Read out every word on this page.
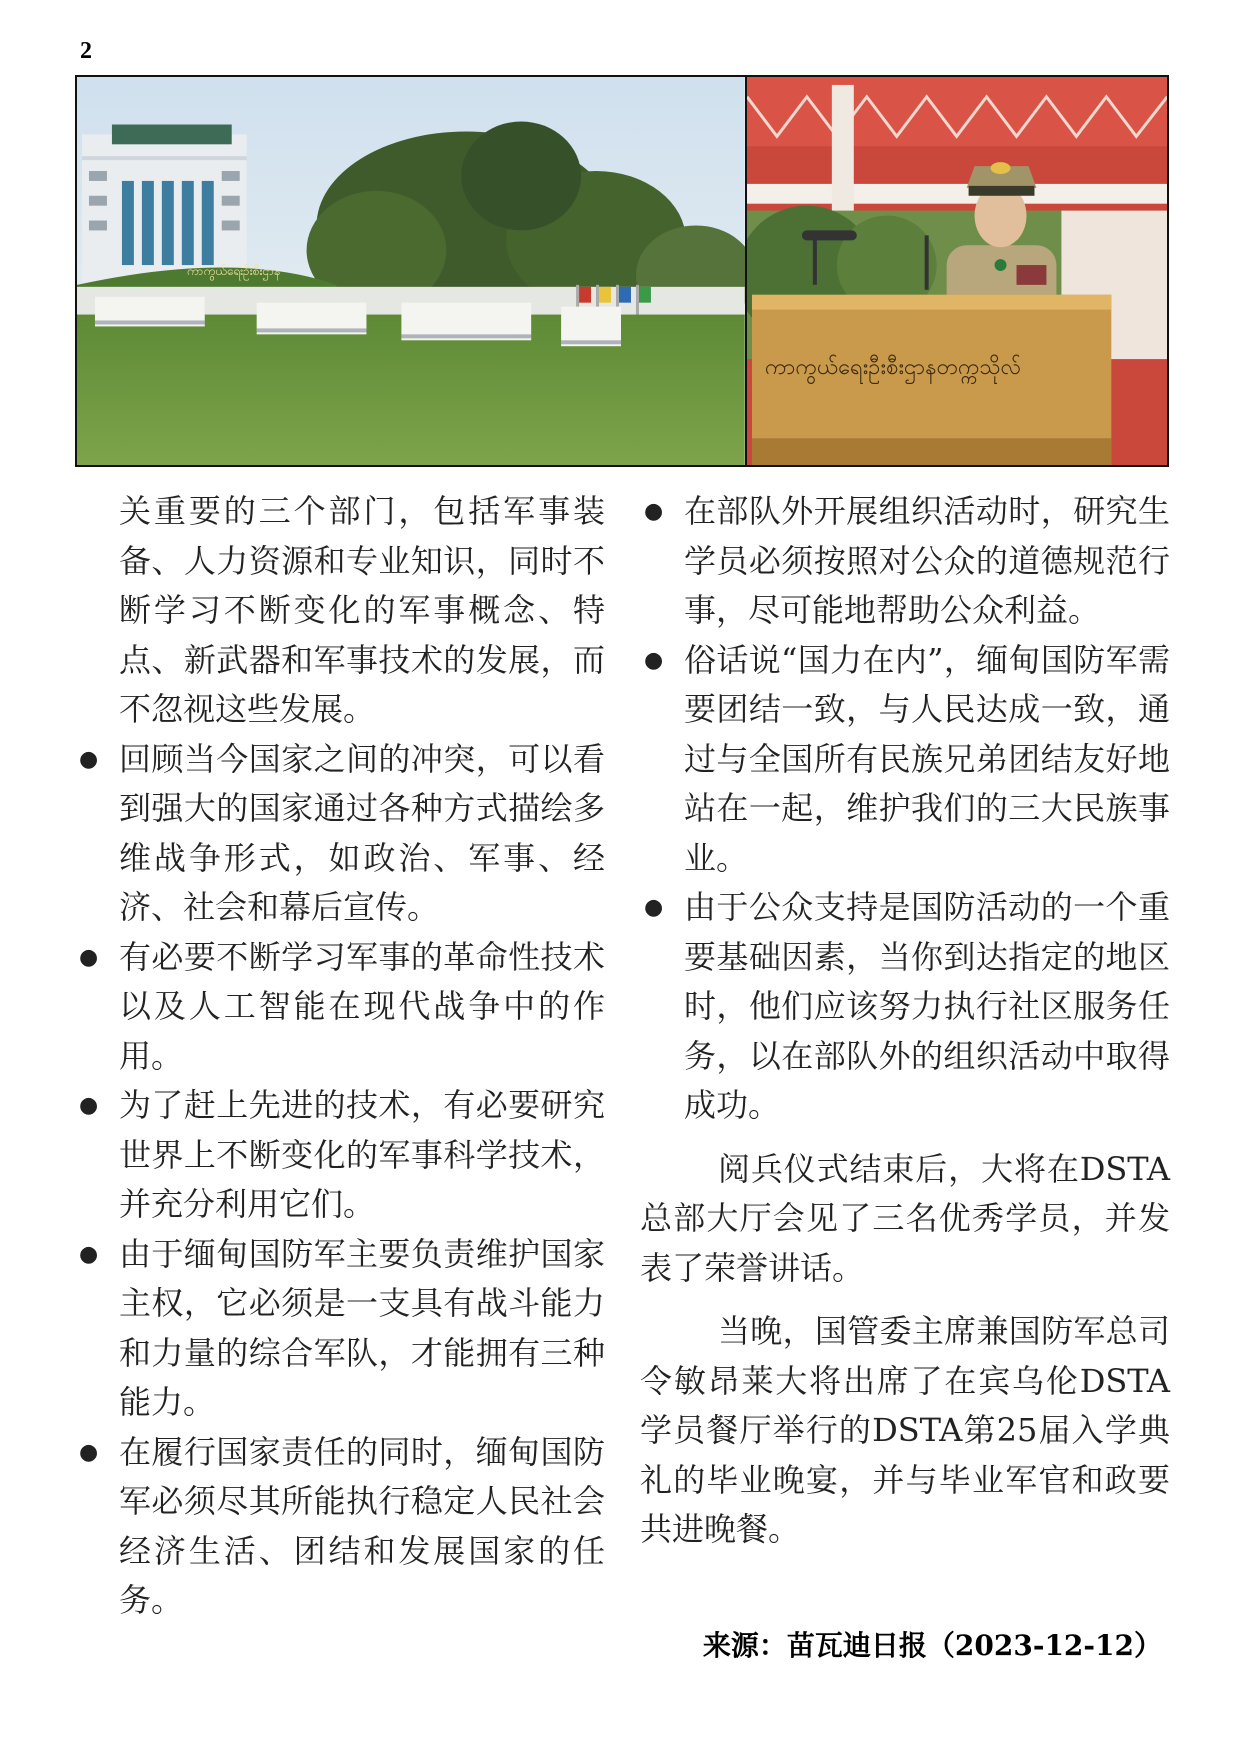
2
ကာကွယ်ရေးဦးစီးဌာန
ကာကွယ်ရေးဦးစီးဌာနတက္ကသိုလ်

关重要的三个部门，包括军事装备、人力资源和专业知识，同时不断学习不断变化的军事概念、特点、新武器和军事技术的发展，而不忽视这些发展。

● 回顾当今国家之间的冲突，可以看到强大的国家通过各种方式描绘多维战争形式，如政治、军事、经济、社会和幕后宣传。
● 有必要不断学习军事的革命性技术以及人工智能在现代战争中的作用。
● 为了赶上先进的技术，有必要研究世界上不断变化的军事科学技术，并充分利用它们。
● 由于缅甸国防军主要负责维护国家主权，它必须是一支具有战斗能力和力量的综合军队，才能拥有三种能力。
● 在履行国家责任的同时，缅甸国防军必须尽其所能执行稳定人民社会经济生活、团结和发展国家的任务。
● 在部队外开展组织活动时，研究生学员必须按照对公众的道德规范行事，尽可能地帮助公众利益。
● 俗话说“国力在内”，缅甸国防军需要团结一致，与人民达成一致，通过与全国所有民族兄弟团结友好地站在一起，维护我们的三大民族事业。
● 由于公众支持是国防活动的一个重要基础因素，当你到达指定的地区时，他们应该努力执行社区服务任务，以在部队外的组织活动中取得成功。

阅兵仪式结束后，大将在DSTA总部大厅会见了三名优秀学员，并发表了荣誉讲话。

当晚，国管委主席兼国防军总司令敏昂莱大将出席了在宾乌伦DSTA学员餐厅举行的DSTA第25届入学典礼的毕业晚宴，并与毕业军官和政要共进晚餐。

来源：苗瓦迪日报（2023-12-12）
